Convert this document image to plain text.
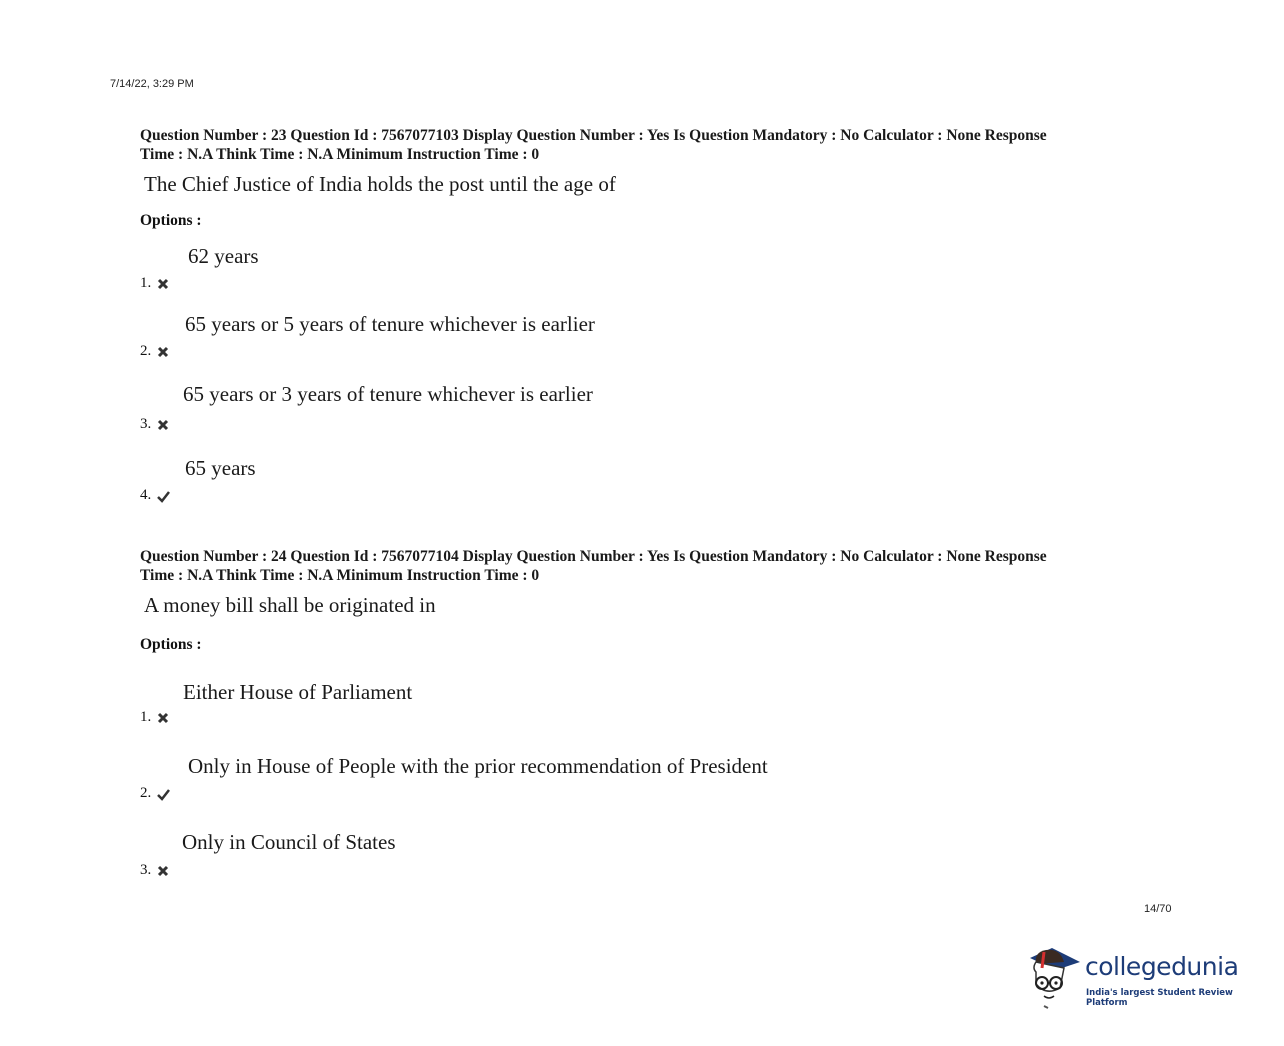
7/14/22, 3:29 PM
Question Number : 23 Question Id : 7567077103 Display Question Number : Yes Is Question Mandatory : No Calculator : None Response
Time : N.A Think Time : N.A Minimum Instruction Time : 0
The Chief Justice of India holds the post until the age of
Options :
1.
62 years
2.
65 years or 5 years of tenure whichever is earlier
3.
65 years or 3 years of tenure whichever is earlier
4.
65 years
Question Number : 24 Question Id : 7567077104 Display Question Number : Yes Is Question Mandatory : No Calculator : None Response
Time : N.A Think Time : N.A Minimum Instruction Time : 0
A money bill shall be originated in
Options :
1.
Either House of Parliament
2.
Only in House of People with the prior recommendation of President
3.
Only in Council of States
14/70
collegedunia
India's largest Student Review Platform
